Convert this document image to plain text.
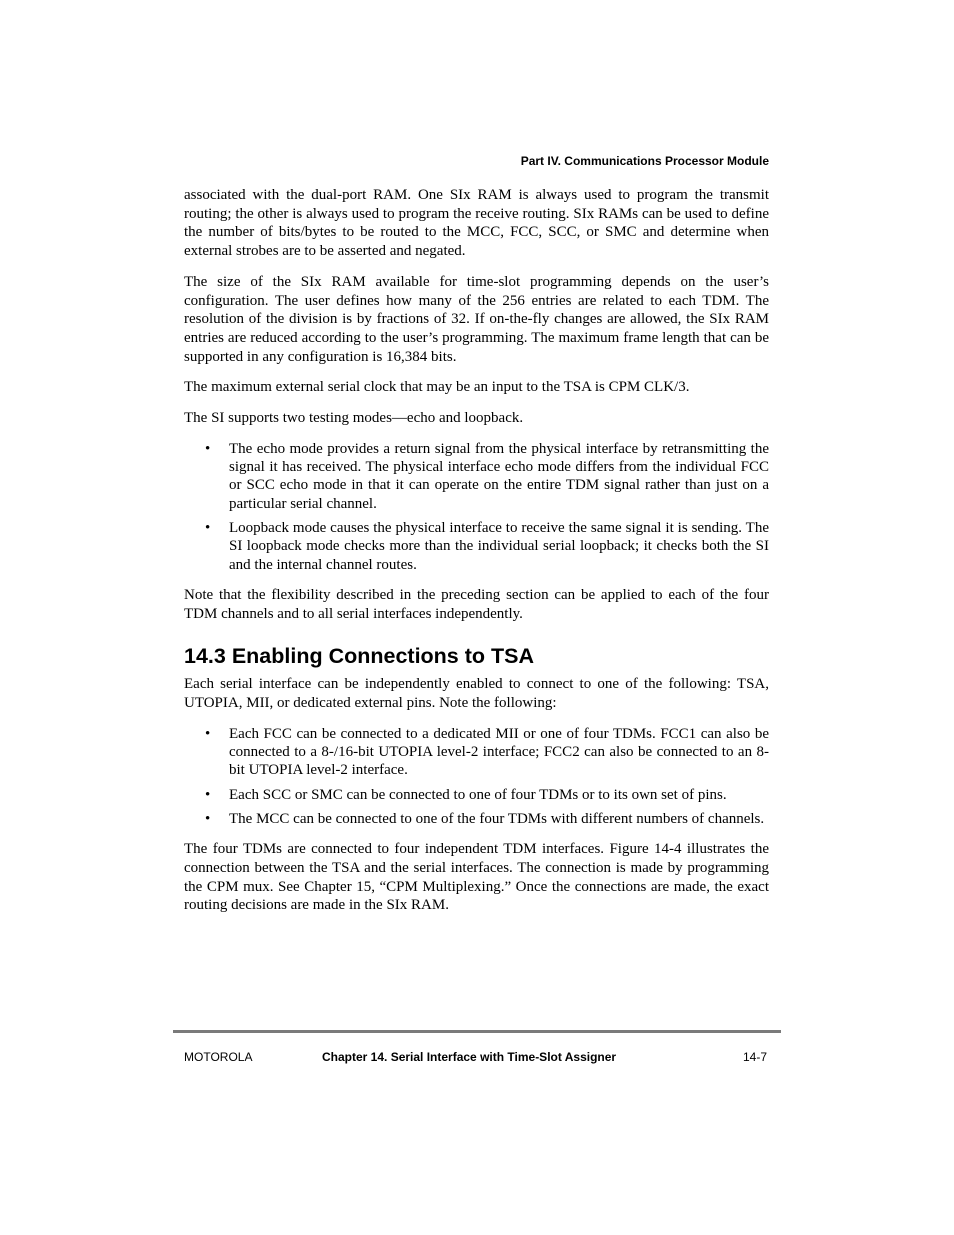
Part IV. Communications Processor Module

associated with the dual-port RAM. One SIx RAM is always used to program the transmit routing; the other is always used to program the receive routing. SIx RAMs can be used to define the number of bits/bytes to be routed to the MCC, FCC, SCC, or SMC and determine when external strobes are to be asserted and negated.

The size of the SIx RAM available for time-slot programming depends on the user’s configuration. The user defines how many of the 256 entries are related to each TDM. The resolution of the division is by fractions of 32. If on-the-fly changes are allowed, the SIx RAM entries are reduced according to the user’s programming. The maximum frame length that can be supported in any configuration is 16,384 bits.

The maximum external serial clock that may be an input to the TSA is CPM CLK/3.

The SI supports two testing modes—echo and loopback.

• The echo mode provides a return signal from the physical interface by retransmitting the signal it has received. The physical interface echo mode differs from the individual FCC or SCC echo mode in that it can operate on the entire TDM signal rather than just on a particular serial channel.
• Loopback mode causes the physical interface to receive the same signal it is sending. The SI loopback mode checks more than the individual serial loopback; it checks both the SI and the internal channel routes.

Note that the flexibility described in the preceding section can be applied to each of the four TDM channels and to all serial interfaces independently.

14.3 Enabling Connections to TSA

Each serial interface can be independently enabled to connect to one of the following: TSA, UTOPIA, MII, or dedicated external pins. Note the following:

• Each FCC can be connected to a dedicated MII or one of four TDMs. FCC1 can also be connected to a 8-/16-bit UTOPIA level-2 interface; FCC2 can also be connected to an 8-bit UTOPIA level-2 interface.
• Each SCC or SMC can be connected to one of four TDMs or to its own set of pins.
• The MCC can be connected to one of the four TDMs with different numbers of channels.

The four TDMs are connected to four independent TDM interfaces. Figure 14-4 illustrates the connection between the TSA and the serial interfaces. The connection is made by programming the CPM mux. See Chapter 15, “CPM Multiplexing.” Once the connections are made, the exact routing decisions are made in the SIx RAM.

MOTOROLA	Chapter 14. Serial Interface with Time-Slot Assigner	14-7
